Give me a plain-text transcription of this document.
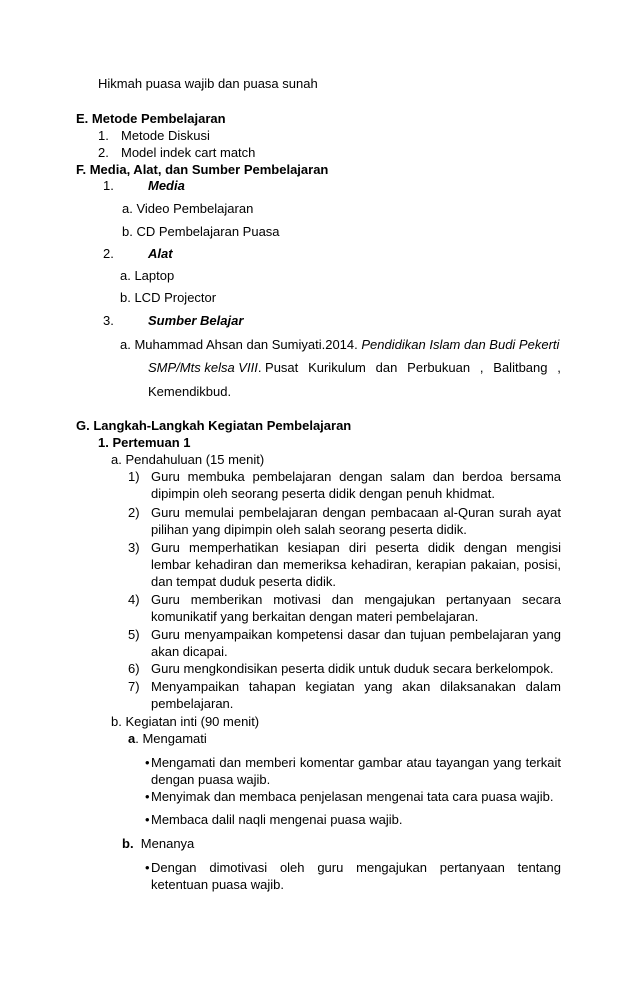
Hikmah puasa wajib dan puasa sunah
E. Metode Pembelajaran
1. Metode Diskusi
2. Model indek cart match
F. Media, Alat, dan Sumber Pembelajaran
1.	Media
a. Video Pembelajaran
b. CD Pembelajaran Puasa
2.	Alat
a. Laptop
b. LCD Projector
3.	Sumber Belajar
a. Muhammad Ahsan dan Sumiyati.2014. Pendidikan Islam dan Budi Pekerti
SMP/Mts kelsa VIII. Pusat Kurikulum dan Perbukuan , Balitbang ,
Kemendikbud.
G. Langkah-Langkah Kegiatan Pembelajaran
1. Pertemuan 1
a. Pendahuluan (15 menit)
1) Guru membuka pembelajaran dengan salam dan berdoa bersama
dipimpin oleh seorang peserta didik dengan penuh khidmat.
2) Guru memulai pembelajaran dengan pembacaan al-Quran surah ayat
pilihan yang dipimpin oleh salah seorang peserta didik.
3) Guru memperhatikan kesiapan diri peserta didik dengan mengisi
lembar kehadiran dan memeriksa kehadiran, kerapian pakaian, posisi,
dan tempat duduk peserta didik.
4) Guru memberikan motivasi dan mengajukan pertanyaan secara
komunikatif yang berkaitan dengan materi pembelajaran.
5) Guru menyampaikan kompetensi dasar dan tujuan pembelajaran yang
akan dicapai.
6) Guru mengkondisikan peserta didik untuk duduk secara berkelompok.
7) Menyampaikan tahapan kegiatan yang akan dilaksanakan dalam
pembelajaran.
b. Kegiatan inti (90 menit)
a. Mengamati
• Mengamati dan memberi komentar gambar atau tayangan yang terkait
dengan puasa wajib.
• Menyimak dan membaca penjelasan mengenai tata cara puasa wajib.
• Membaca dalil naqli mengenai puasa wajib.
b. Menanya
• Dengan dimotivasi oleh guru mengajukan pertanyaan tentang
ketentuan puasa wajib.
